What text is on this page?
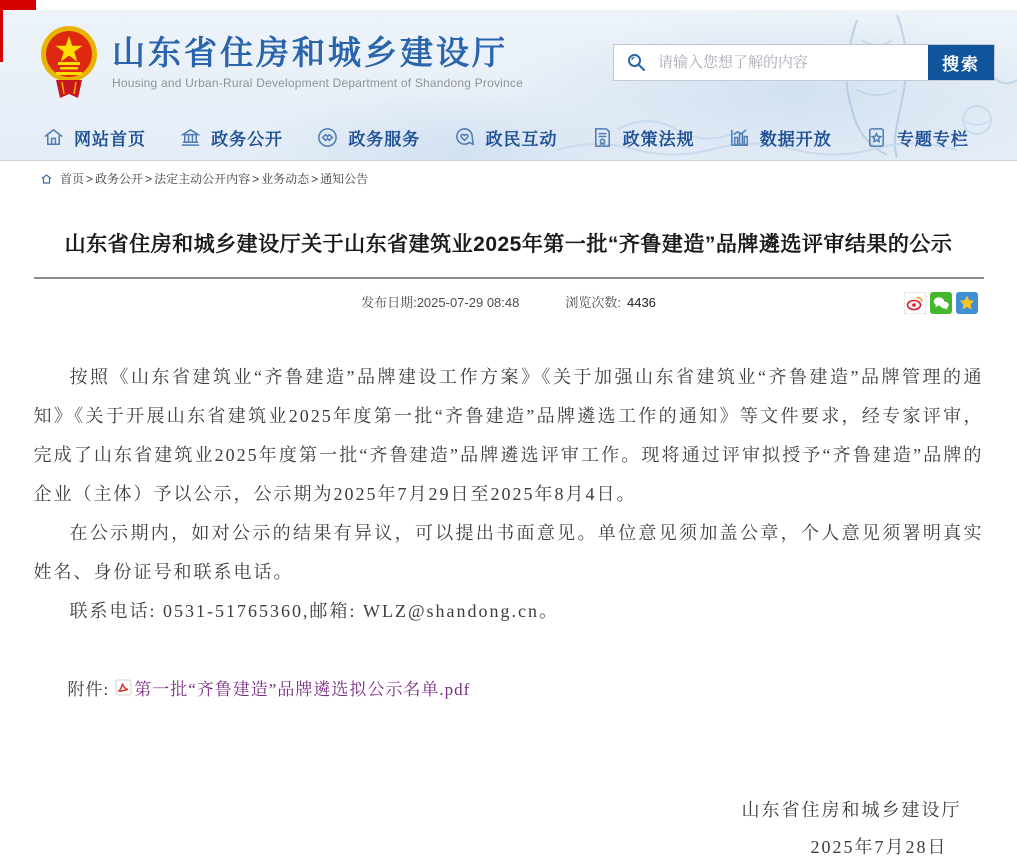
山东省住房和城乡建设厅
Housing and Urban-Rural Development Department of Shandong Province
请输入您想了解的内容
搜索
网站首页	政务公开	政务服务	政民互动	政策法规	数据开放	专题专栏
首页 > 政务公开 > 法定主动公开内容 > 业务动态 > 通知公告
山东省住房和城乡建设厅关于山东省建筑业2025年第一批“齐鲁建造”品牌遴选评审结果的公示
发布日期:2025-07-29 08:48	浏览次数: 4436

按照《山东省建筑业“齐鲁建造”品牌建设工作方案》《关于加强山东省建筑业“齐鲁建造”品牌管理的通知》《关于开展山东省建筑业2025年度第一批“齐鲁建造”品牌遴选工作的通知》等文件要求，经专家评审，完成了山东省建筑业2025年度第一批“齐鲁建造”品牌遴选评审工作。现将通过评审拟授予“齐鲁建造”品牌的企业（主体）予以公示，公示期为2025年7月29日至2025年8月4日。

在公示期内，如对公示的结果有异议，可以提出书面意见。单位意见须加盖公章，个人意见须署明真实姓名、身份证号和联系电话。

联系电话: 0531-51765360,邮箱: WLZ@shandong.cn。

附件: 第一批“齐鲁建造”品牌遴选拟公示名单.pdf
山东省住房和城乡建设厅
2025年7月28日
